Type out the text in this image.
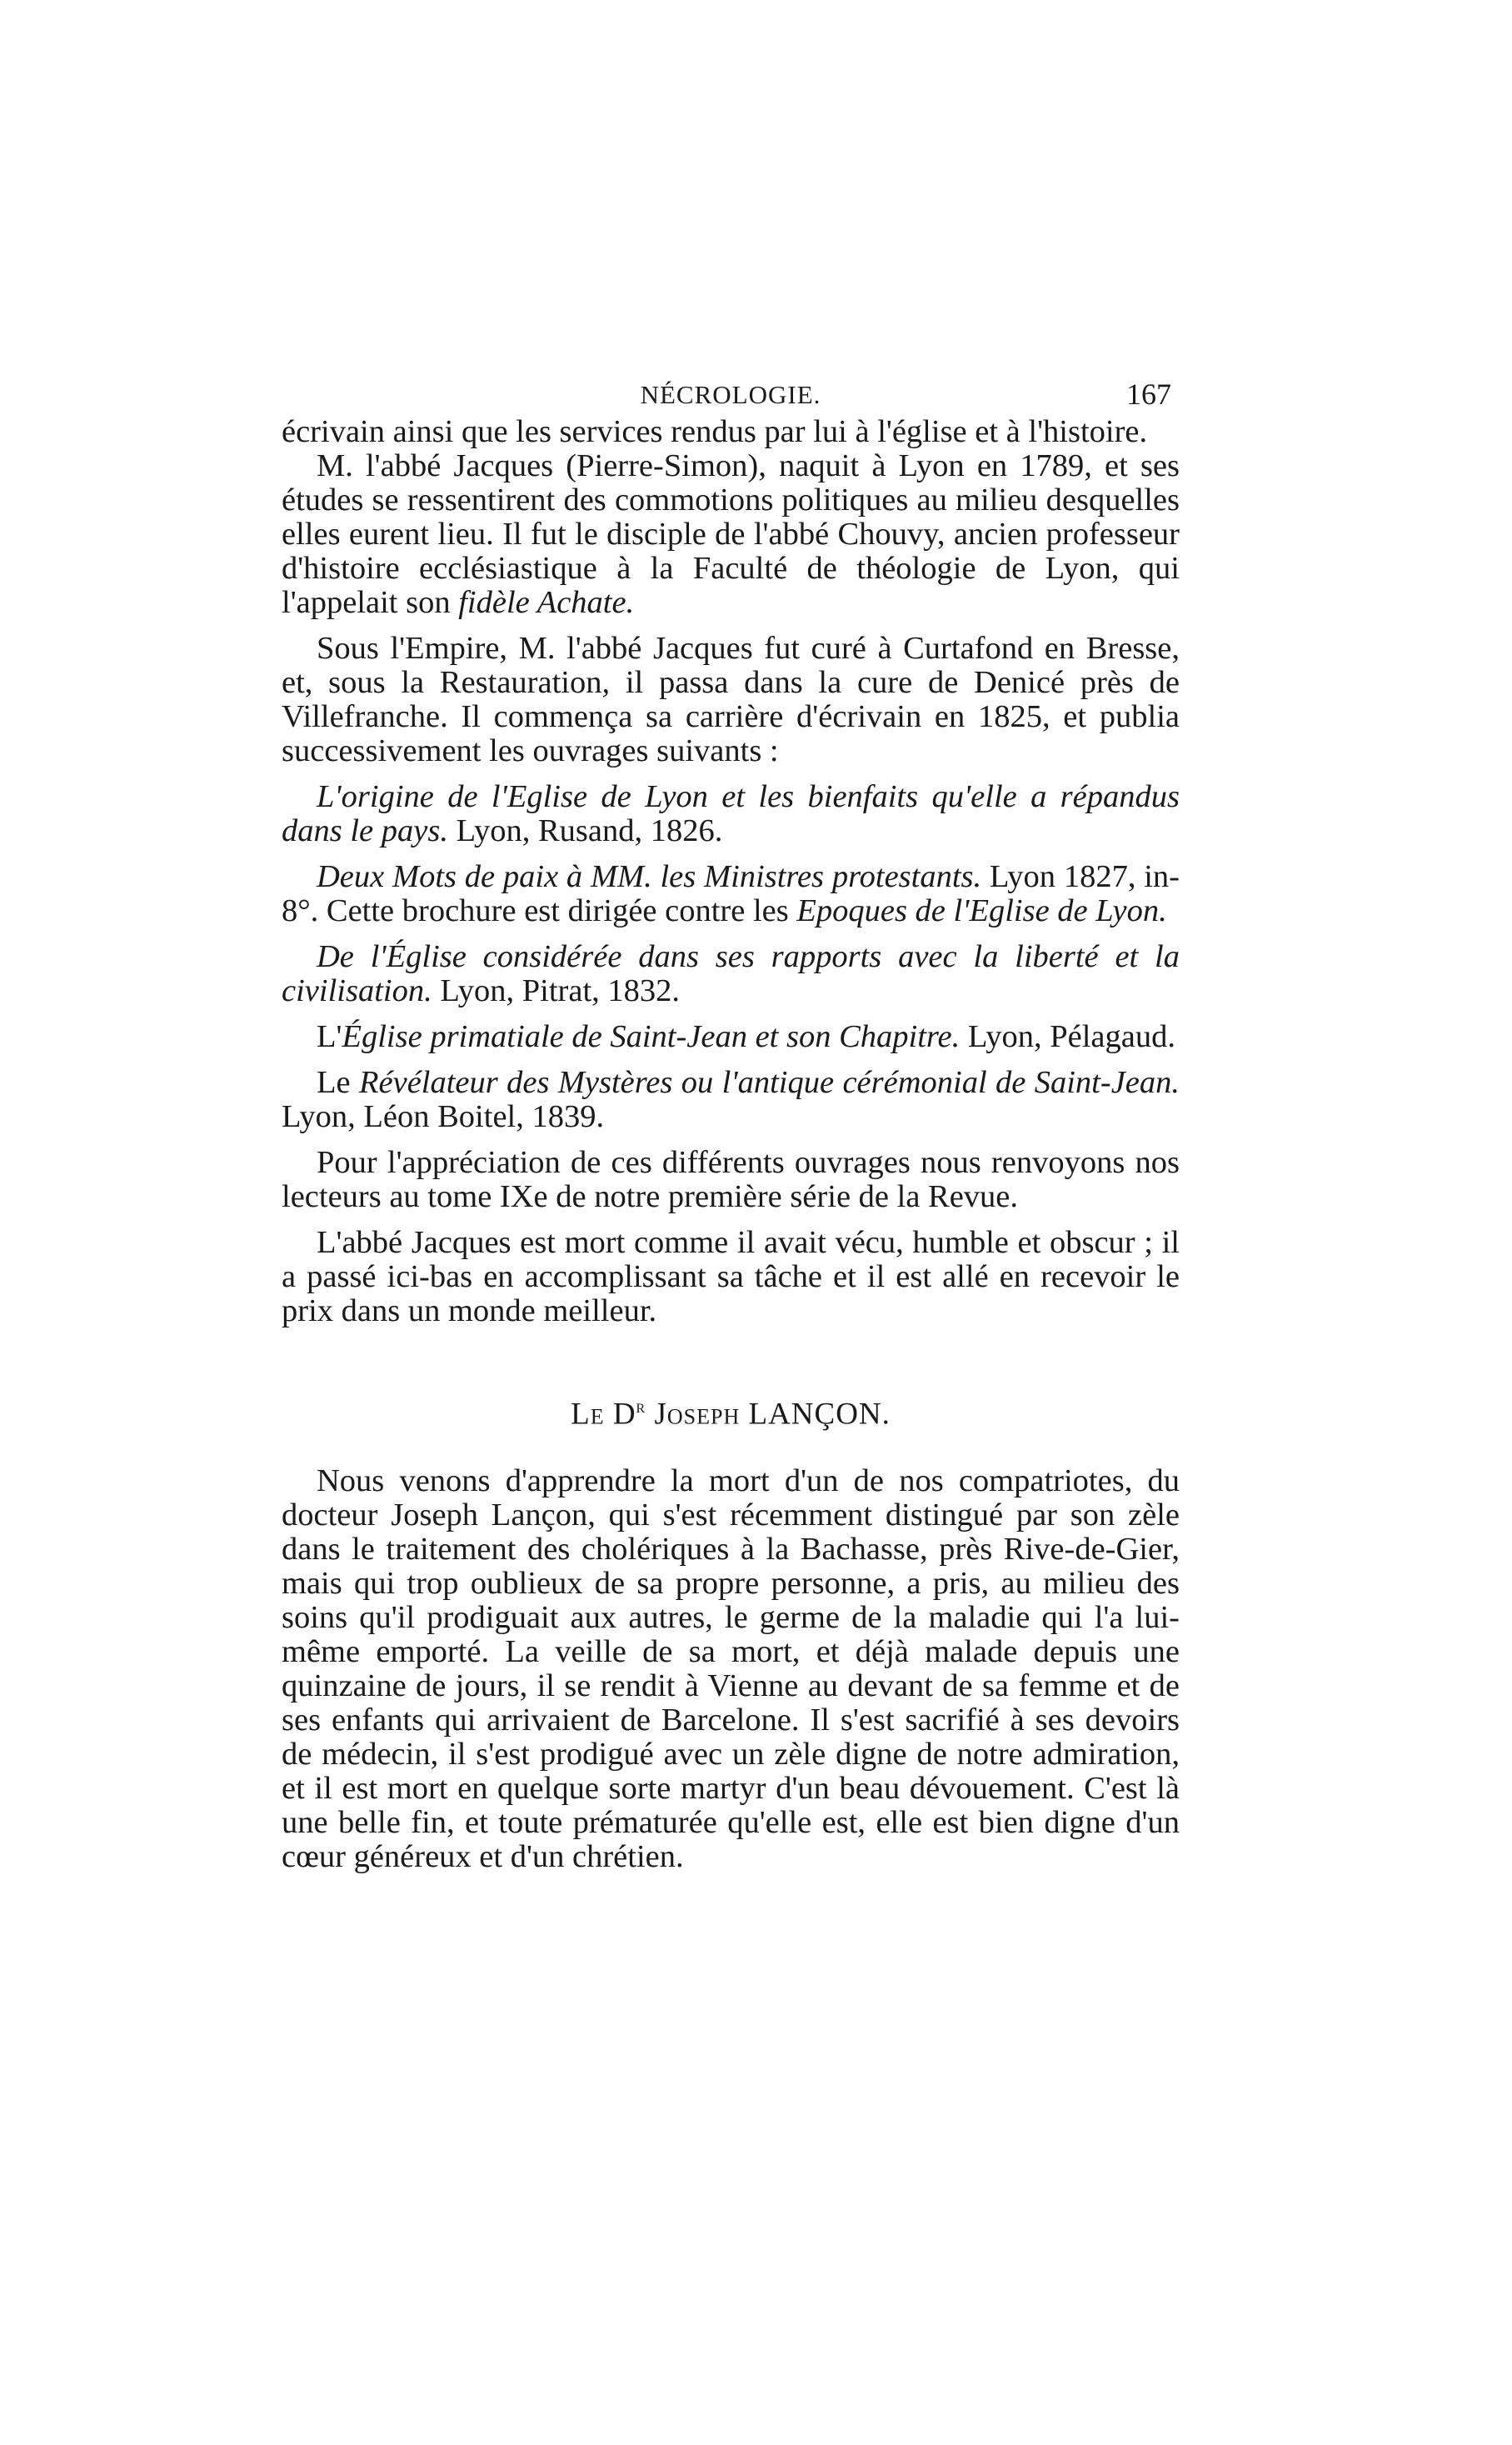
NÉCROLOGIE.	167

écrivain ainsi que les services rendus par lui à l'église et à l'histoire.

M. l'abbé Jacques (Pierre-Simon), naquit à Lyon en 1789, et ses études se ressentirent des commotions politiques au milieu desquelles elles eurent lieu. Il fut le disciple de l'abbé Chouvy, ancien professeur d'histoire ecclésiastique à la Faculté de théologie de Lyon, qui l'appelait son fidèle Achate.

Sous l'Empire, M. l'abbé Jacques fut curé à Curtafond en Bresse, et, sous la Restauration, il passa dans la cure de Denicé près de Villefranche. Il commença sa carrière d'écrivain en 1825, et publia successivement les ouvrages suivants :

L'origine de l'Eglise de Lyon et les bienfaits qu'elle a répandus dans le pays. Lyon, Rusand, 1826.

Deux Mots de paix à MM. les Ministres protestants. Lyon 1827, in-8°. Cette brochure est dirigée contre les Epoques de l'Eglise de Lyon.

De l'Église considérée dans ses rapports avec la liberté et la civilisation. Lyon, Pitrat, 1832.

L'Église primatiale de Saint-Jean et son Chapitre. Lyon, Pélagaud.

Le Révélateur des Mystères ou l'antique cérémonial de Saint-Jean. Lyon, Léon Boitel, 1839.

Pour l'appréciation de ces différents ouvrages nous renvoyons nos lecteurs au tome IXe de notre première série de la Revue.

L'abbé Jacques est mort comme il avait vécu, humble et obscur ; il a passé ici-bas en accomplissant sa tâche et il est allé en recevoir le prix dans un monde meilleur.

Le $D^r$ Joseph LANÇON.

Nous venons d'apprendre la mort d'un de nos compatriotes, du docteur Joseph Lançon, qui s'est récemment distingué par son zèle dans le traitement des cholériques à la Bachasse, près Rive-de-Gier, mais qui trop oublieux de sa propre personne, a pris, au milieu des soins qu'il prodiguait aux autres, le germe de la maladie qui l'a lui-même emporté. La veille de sa mort, et déjà malade depuis une quinzaine de jours, il se rendit à Vienne au devant de sa femme et de ses enfants qui arrivaient de Barcelone. Il s'est sacrifié à ses devoirs de médecin, il s'est prodigué avec un zèle digne de notre admiration, et il est mort en quelque sorte martyr d'un beau dévouement. C'est là une belle fin, et toute prématurée qu'elle est, elle est bien digne d'un cœur généreux et d'un chrétien.
